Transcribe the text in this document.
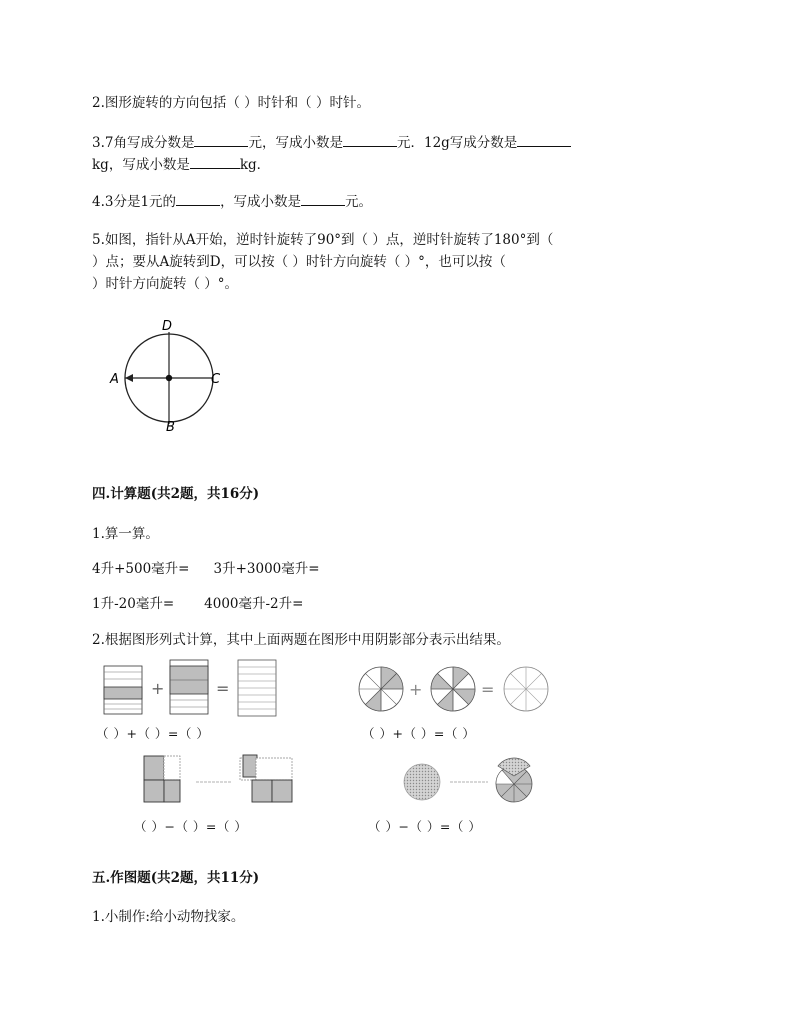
2.图形旋转的方向包括（ ）时针和（ ）时针。
3.7角写成分数是	元，写成小数是	元．12g写成分数是
kg，写成小数是	kg．
4.3分是1元的	，写成小数是	元。
5.如图，指针从A开始，逆时针旋转了90°到（ ）点，逆时针旋转了180°到（
）点；要从A旋转到D，可以按（ ）时针方向旋转（ ）°，也可以按（
）时针方向旋转（ ）°。
D
A	C
B
四.计算题(共2题，共16分)
1.算一算。
4升+500毫升= 3升+3000毫升=
1升-20毫升= 4000毫升-2升=
2.根据图形列式计算，其中上面两题在图形中用阴影部分表示出结果。
+	=
（ ）+（ ）=（ ）
+	=
（ ）+（ ）=（ ）
（ ）−（ ）=（ ）	（ ）−（ ）=（ ）
五.作图题(共2题，共11分)
1.小制作:给小动物找家。
